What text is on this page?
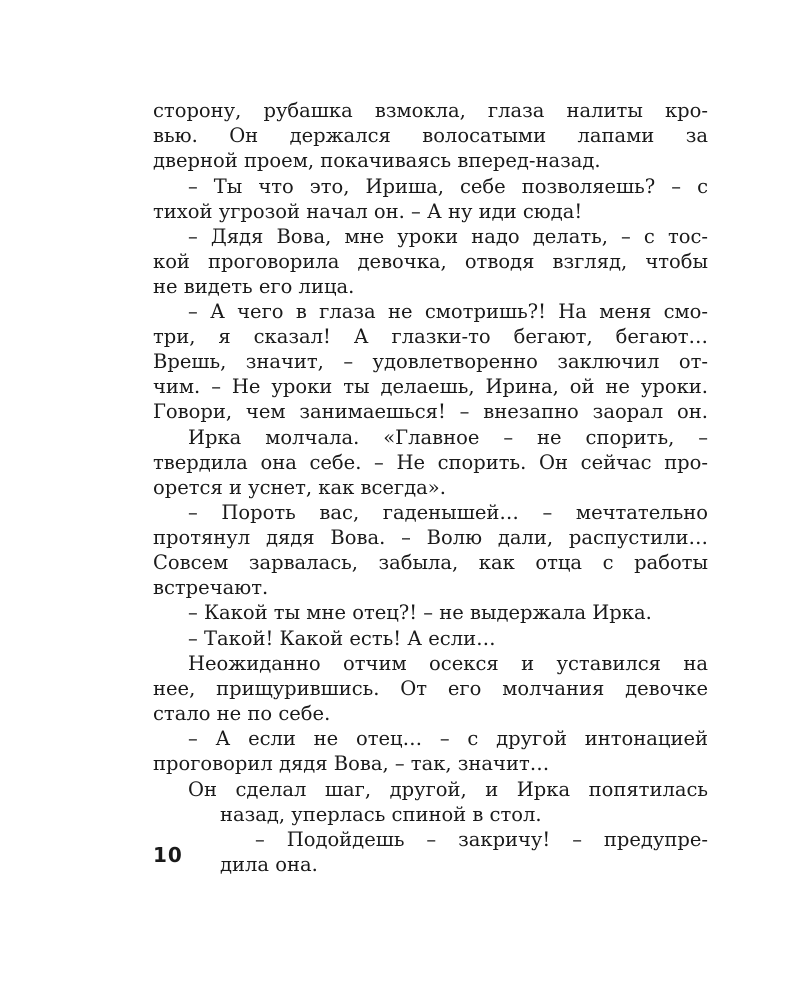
сторону, рубашка взмокла, глаза налиты кро-
вью. Он держался волосатыми лапами за
дверной проем, покачиваясь вперед-назад.
– Ты что это, Ириша, себе позволяешь? – с
тихой угрозой начал он. – А ну иди сюда!
– Дядя Вова, мне уроки надо делать, – с тос-
кой проговорила девочка, отводя взгляд, чтобы
не видеть его лица.
– А чего в глаза не смотришь?! На меня смо-
три, я сказал! А глазки-то бегают, бегают…
Врешь, значит, – удовлетворенно заключил от-
чим. – Не уроки ты делаешь, Ирина, ой не уроки.
Говори, чем занимаешься! – внезапно заорал он.
Ирка молчала. «Главное – не спорить, –
твердила она себе. – Не спорить. Он сейчас про-
орется и уснет, как всегда».
– Пороть вас, гаденышей… – мечтательно
протянул дядя Вова. – Волю дали, распустили…
Совсем зарвалась, забыла, как отца с работы
встречают.
– Какой ты мне отец?! – не выдержала Ирка.
– Такой! Какой есть! А если…
Неожиданно отчим осекся и уставился на
нее, прищурившись. От его молчания девочке
стало не по себе.
– А если не отец… – с другой интонацией
проговорил дядя Вова, – так, значит…
Он сделал шаг, другой, и Ирка попятилась
назад, уперлась спиной в стол.
– Подойдешь – закричу! – предупре-
дила она.
10
